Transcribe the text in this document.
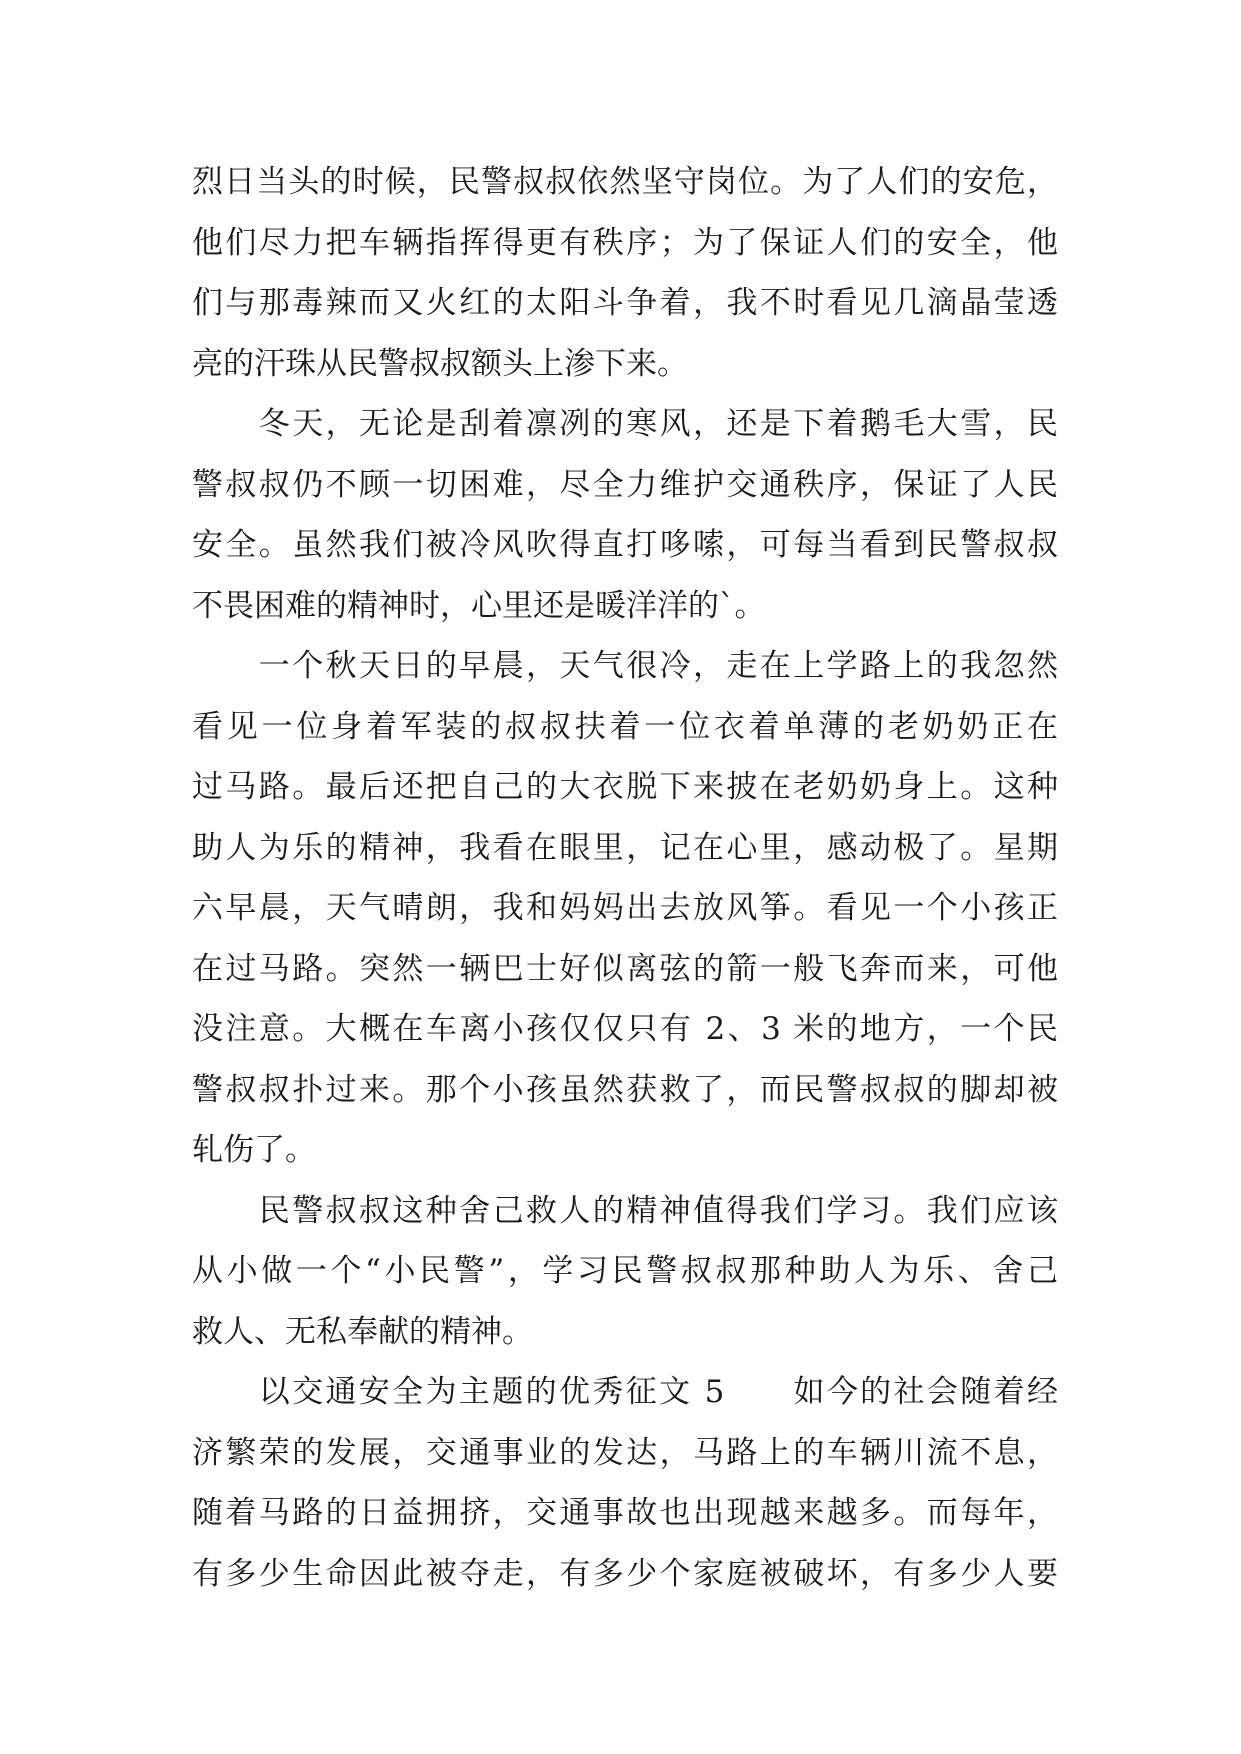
烈日当头的时候，民警叔叔依然坚守岗位。为了人们的安危，
他们尽力把车辆指挥得更有秩序；为了保证人们的安全，他
们与那毒辣而又火红的太阳斗争着，我不时看见几滴晶莹透
亮的汗珠从民警叔叔额头上渗下来。
　　冬天，无论是刮着凛冽的寒风，还是下着鹅毛大雪，民
警叔叔仍不顾一切困难，尽全力维护交通秩序，保证了人民
安全。虽然我们被冷风吹得直打哆嗦，可每当看到民警叔叔
不畏困难的精神时，心里还是暖洋洋的`。
　　一个秋天日的早晨，天气很冷，走在上学路上的我忽然
看见一位身着军装的叔叔扶着一位衣着单薄的老奶奶正在
过马路。最后还把自己的大衣脱下来披在老奶奶身上。这种
助人为乐的精神，我看在眼里，记在心里，感动极了。星期
六早晨，天气晴朗，我和妈妈出去放风筝。看见一个小孩正
在过马路。突然一辆巴士好似离弦的箭一般飞奔而来，可他
没注意。大概在车离小孩仅仅只有 2、3 米的地方，一个民
警叔叔扑过来。那个小孩虽然获救了，而民警叔叔的脚却被
轧伤了。
　　民警叔叔这种舍己救人的精神值得我们学习。我们应该
从小做一个“小民警”，学习民警叔叔那种助人为乐、舍己
救人、无私奉献的精神。
　　以交通安全为主题的优秀征文 5　　如今的社会随着经
济繁荣的发展，交通事业的发达，马路上的车辆川流不息，
随着马路的日益拥挤，交通事故也出现越来越多。而每年，
有多少生命因此被夺走，有多少个家庭被破坏，有多少人要
